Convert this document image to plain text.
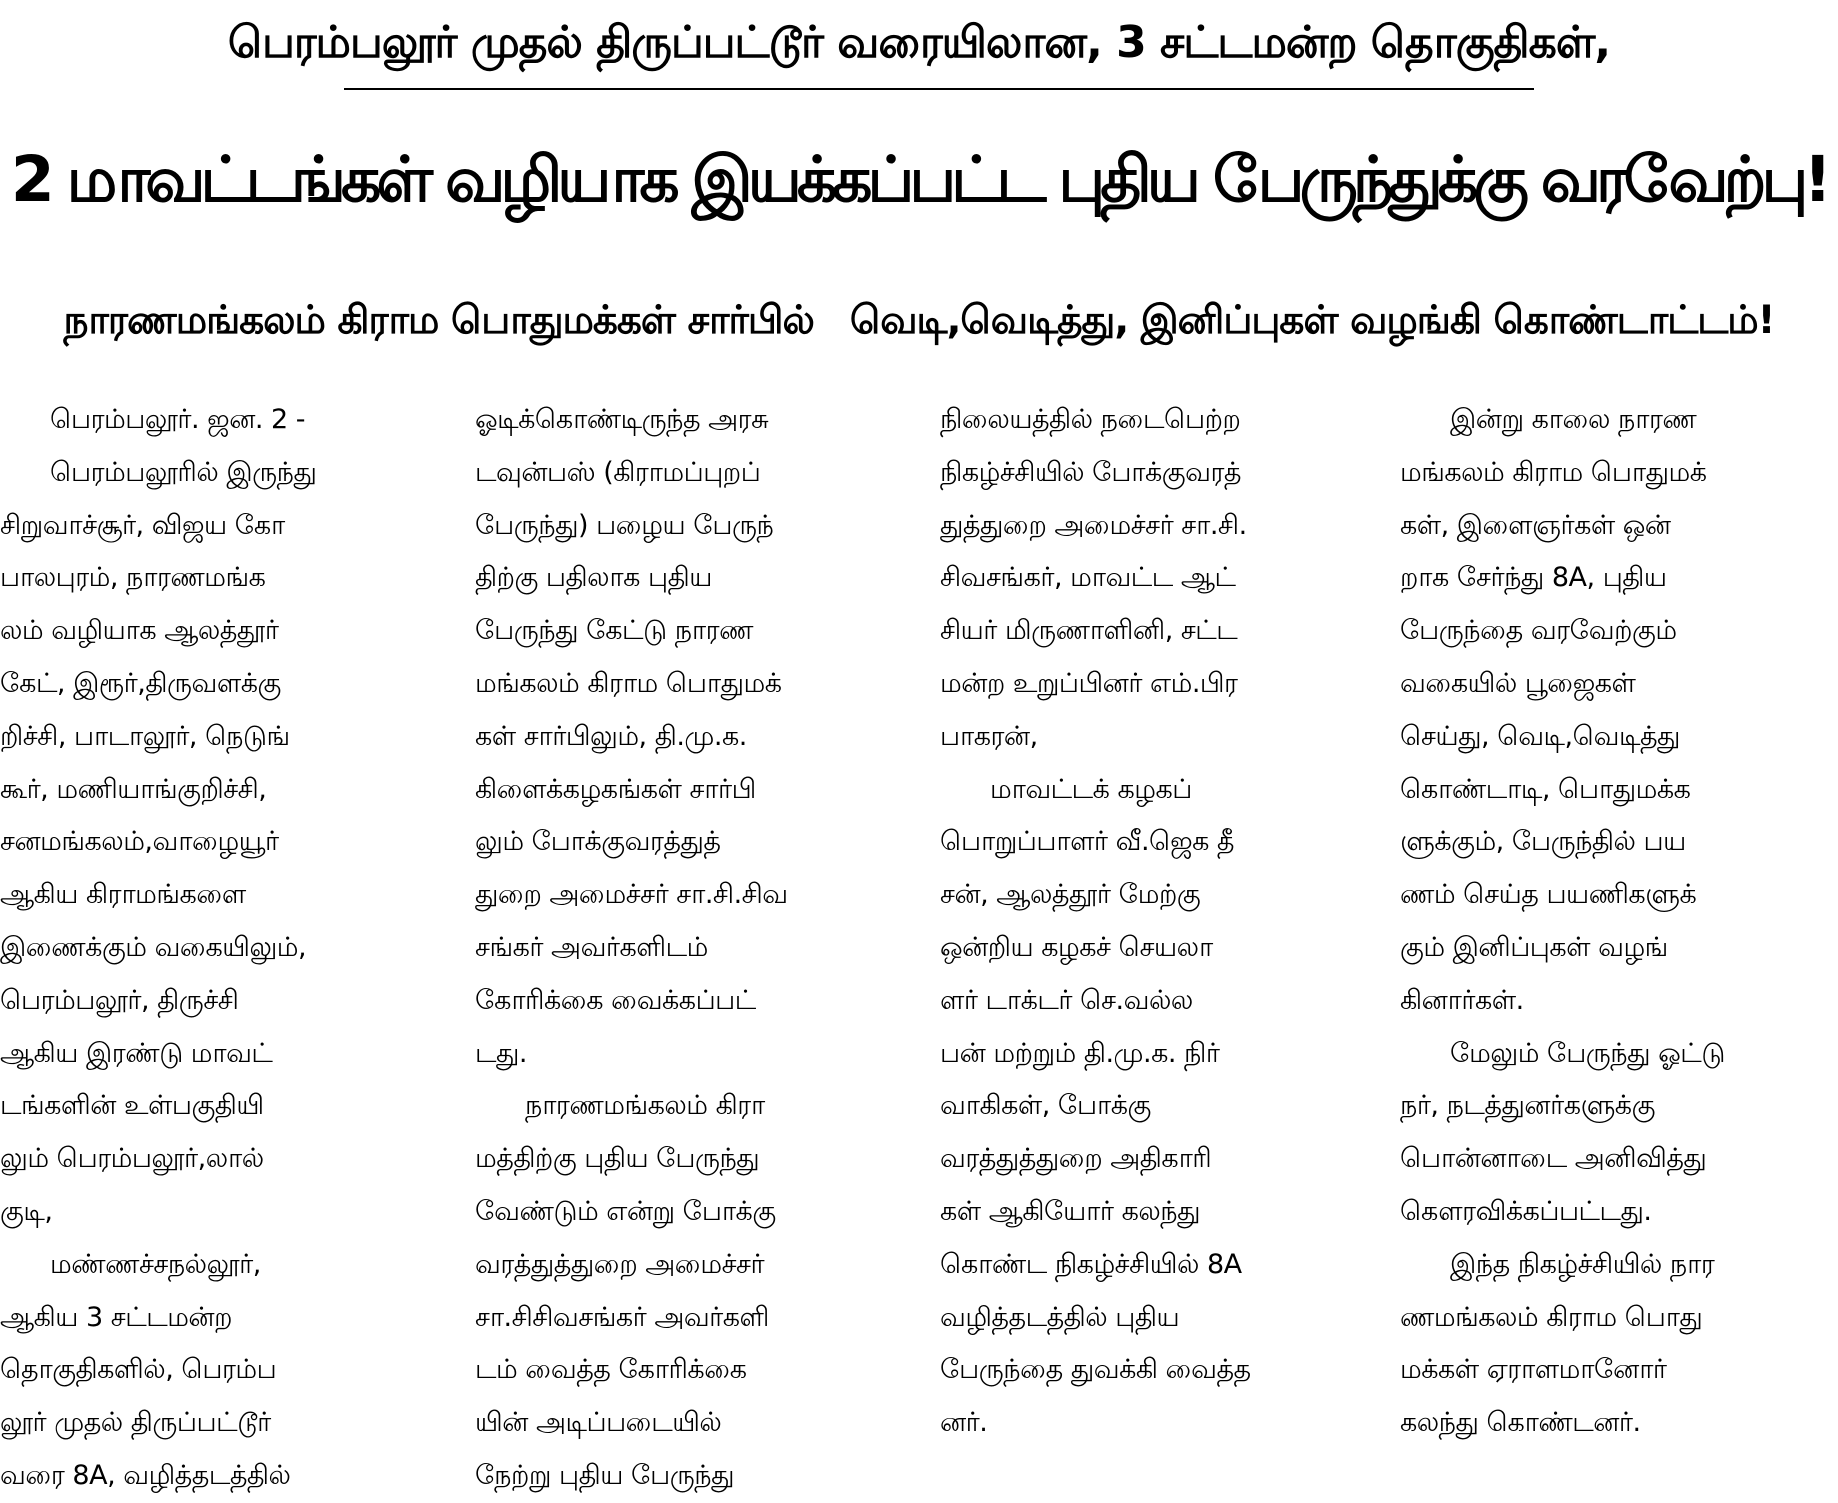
பெரம்பலூர் முதல் திருப்பட்டூர் வரையிலான, 3 சட்டமன்ற தொகுதிகள்,
2 மாவட்டங்கள் வழியாக இயக்கப்பட்ட புதிய பேருந்துக்கு வரவேற்பு!
நாரணமங்கலம் கிராம பொதுமக்கள் சார்பில் வெடி,வெடித்து, இனிப்புகள் வழங்கி கொண்டாட்டம்!
பெரம்பலூர். ஜன. 2 -
பெரம்பலூரில் இருந்து
சிறுவாச்சூர், விஜய கோ
பாலபுரம், நாரணமங்க
லம் வழியாக ஆலத்தூர்
கேட், இரூர்,திருவளக்கு
றிச்சி, பாடாலூர், நெடுங்
கூர், மணியாங்குறிச்சி,
சனமங்கலம்,வாழையூர்
ஆகிய கிராமங்களை
இணைக்கும் வகையிலும்,
பெரம்பலூர், திருச்சி
ஆகிய இரண்டு மாவட்
டங்களின் உள்பகுதியி
லும் பெரம்பலூர்,லால்
குடி,
மண்ணச்சநல்லூர்,
ஆகிய 3 சட்டமன்ற
தொகுதிகளில், பெரம்ப
லூர் முதல் திருப்பட்டூர்
வரை 8A, வழித்தடத்தில்
ஓடிக்கொண்டிருந்த அரசு
டவுன்பஸ் (கிராமப்புறப்
பேருந்து) பழைய பேருந்
திற்கு பதிலாக புதிய
பேருந்து கேட்டு நாரண
மங்கலம் கிராம பொதுமக்
கள் சார்பிலும், தி.மு.க.
கிளைக்கழகங்கள் சார்பி
லும் போக்குவரத்துத்
துறை அமைச்சர் சா.சி.சிவ
சங்கர் அவர்களிடம்
கோரிக்கை வைக்கப்பட்
டது.
நாரணமங்கலம் கிரா
மத்திற்கு புதிய பேருந்து
வேண்டும் என்று போக்கு
வரத்துத்துறை அமைச்சர்
சா.சிசிவசங்கர் அவர்களி
டம் வைத்த கோரிக்கை
யின் அடிப்படையில்
நேற்று புதிய பேருந்து
நிலையத்தில் நடைபெற்ற
நிகழ்ச்சியில் போக்குவரத்
துத்துறை அமைச்சர் சா.சி.
சிவசங்கர், மாவட்ட ஆட்
சியர் மிருணாளினி, சட்ட
மன்ற உறுப்பினர் எம்.பிர
பாகரன்,
மாவட்டக் கழகப்
பொறுப்பாளர் வீ.ஜெக தீ
சன், ஆலத்தூர் மேற்கு
ஒன்றிய கழகச் செயலா
ளர் டாக்டர் செ.வல்ல
பன் மற்றும் தி.மு.க. நிர்
வாகிகள், போக்கு
வரத்துத்துறை அதிகாரி
கள் ஆகியோர் கலந்து
கொண்ட நிகழ்ச்சியில் 8A
வழித்தடத்தில் புதிய
பேருந்தை துவக்கி வைத்த
னர்.
இன்று காலை நாரண
மங்கலம் கிராம பொதுமக்
கள், இளைஞர்கள் ஒன்
றாக சேர்ந்து 8A, புதிய
பேருந்தை வரவேற்கும்
வகையில் பூஜைகள்
செய்து, வெடி,வெடித்து
கொண்டாடி, பொதுமக்க
ளுக்கும், பேருந்தில் பய
ணம் செய்த பயணிகளுக்
கும் இனிப்புகள் வழங்
கினார்கள்.
மேலும் பேருந்து ஓட்டு
நர், நடத்துனர்களுக்கு
பொன்னாடை அனிவித்து
கௌரவிக்கப்பட்டது.
இந்த நிகழ்ச்சியில் நார
ணமங்கலம் கிராம பொது
மக்கள் ஏராளமானோர்
கலந்து கொண்டனர்.
